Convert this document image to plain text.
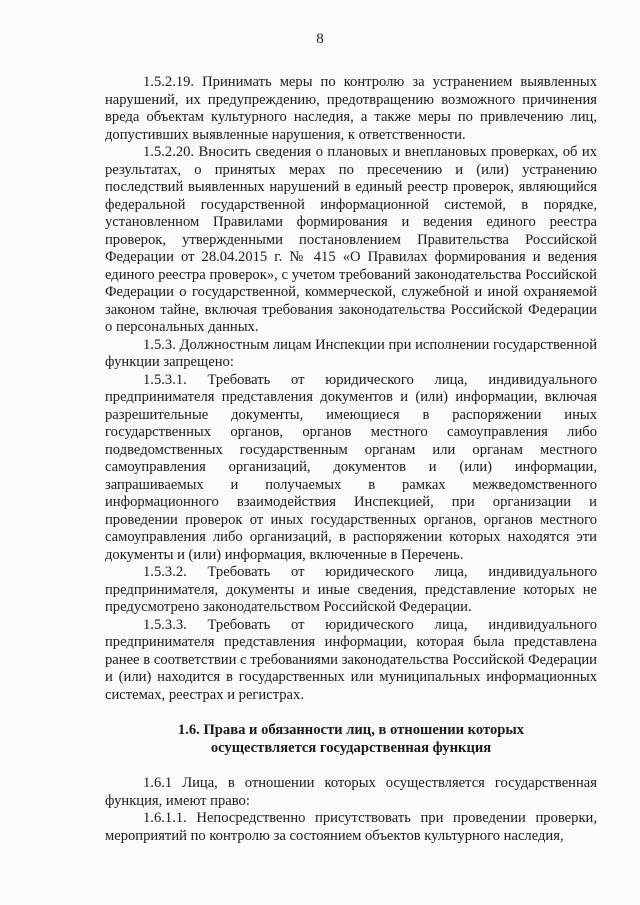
8

1.5.2.19. Принимать меры по контролю за устранением выявленных нарушений, их предупреждению, предотвращению возможного причинения вреда объектам культурного наследия, а также меры по привлечению лиц, допустивших выявленные нарушения, к ответственности.

1.5.2.20. Вносить сведения о плановых и внеплановых проверках, об их результатах, о принятых мерах по пресечению и (или) устранению последствий выявленных нарушений в единый реестр проверок, являющийся федеральной государственной информационной системой, в порядке, установленном Правилами формирования и ведения единого реестра проверок, утвержденными постановлением Правительства Российской Федерации от 28.04.2015 г. № 415 «О Правилах формирования и ведения единого реестра проверок», с учетом требований законодательства Российской Федерации о государственной, коммерческой, служебной и иной охраняемой законом тайне, включая требования законодательства Российской Федерации о персональных данных.

1.5.3. Должностным лицам Инспекции при исполнении государственной функции запрещено:

1.5.3.1. Требовать от юридического лица, индивидуального предпринимателя представления документов и (или) информации, включая разрешительные документы, имеющиеся в распоряжении иных государственных органов, органов местного самоуправления либо подведомственных государственным органам или органам местного самоуправления организаций, документов и (или) информации, запрашиваемых и получаемых в рамках межведомственного информационного взаимодействия Инспекцией, при организации и проведении проверок от иных государственных органов, органов местного самоуправления либо организаций, в распоряжении которых находятся эти документы и (или) информация, включенные в Перечень.

1.5.3.2. Требовать от юридического лица, индивидуального предпринимателя, документы и иные сведения, представление которых не предусмотрено законодательством Российской Федерации.

1.5.3.3. Требовать от юридического лица, индивидуального предпринимателя представления информации, которая была представлена ранее в соответствии с требованиями законодательства Российской Федерации и (или) находится в государственных или муниципальных информационных системах, реестрах и регистрах.

1.6. Права и обязанности лиц, в отношении которых
осуществляется государственная функция

1.6.1 Лица, в отношении которых осуществляется государственная функция, имеют право:

1.6.1.1. Непосредственно присутствовать при проведении проверки, мероприятий по контролю за состоянием объектов культурного наследия,
